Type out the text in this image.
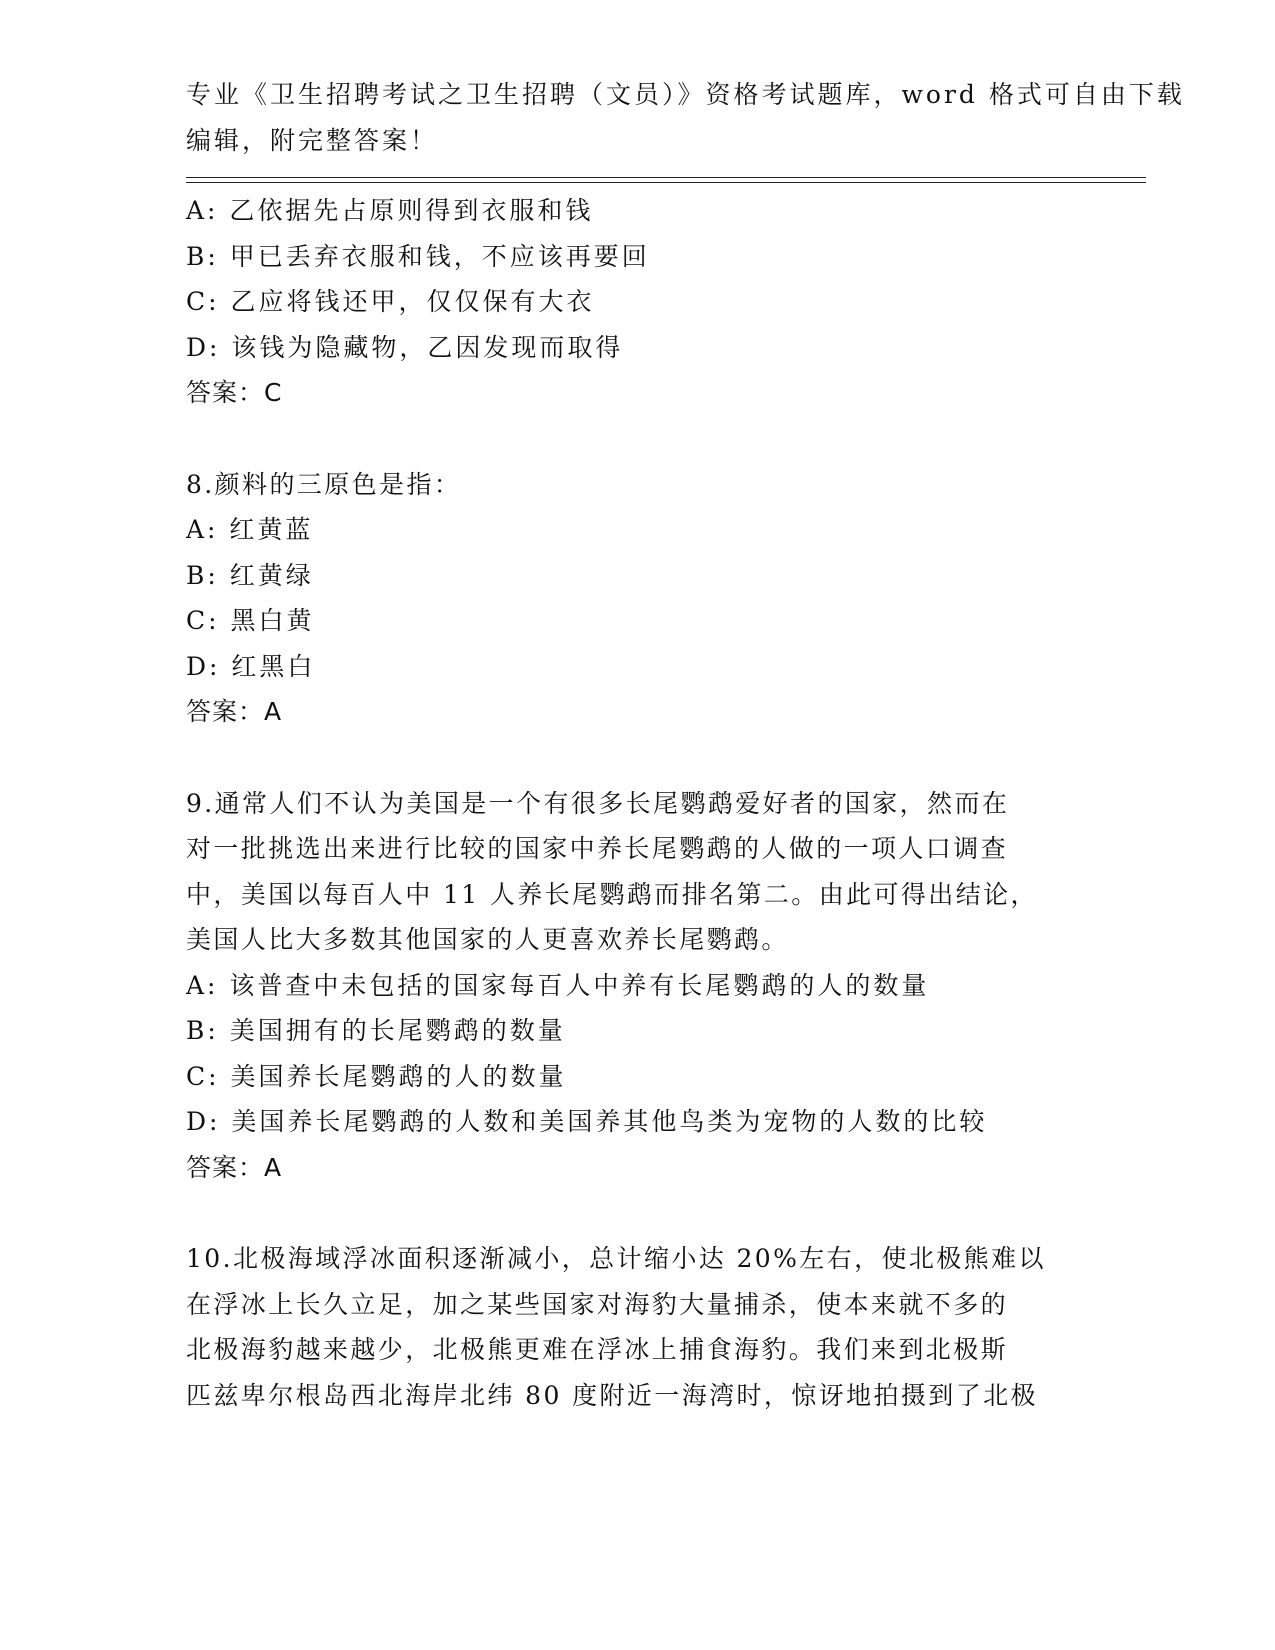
专业《卫生招聘考试之卫生招聘（文员）》资格考试题库，word 格式可自由下载
编辑，附完整答案！
A: 乙依据先占原则得到衣服和钱
B: 甲已丢弃衣服和钱，不应该再要回
C: 乙应将钱还甲，仅仅保有大衣
D: 该钱为隐藏物，乙因发现而取得
答案：C
8.颜料的三原色是指：
A: 红黄蓝
B: 红黄绿
C: 黑白黄
D: 红黑白
答案：A
9.通常人们不认为美国是一个有很多长尾鹦鹉爱好者的国家，然而在
对一批挑选出来进行比较的国家中养长尾鹦鹉的人做的一项人口调查
中，美国以每百人中 11 人养长尾鹦鹉而排名第二。由此可得出结论，
美国人比大多数其他国家的人更喜欢养长尾鹦鹉。
A: 该普查中未包括的国家每百人中养有长尾鹦鹉的人的数量
B: 美国拥有的长尾鹦鹉的数量
C: 美国养长尾鹦鹉的人的数量
D: 美国养长尾鹦鹉的人数和美国养其他鸟类为宠物的人数的比较
答案：A
10.北极海域浮冰面积逐渐减小，总计缩小达 20%左右，使北极熊难以
在浮冰上长久立足，加之某些国家对海豹大量捕杀，使本来就不多的
北极海豹越来越少，北极熊更难在浮冰上捕食海豹。我们来到北极斯
匹兹卑尔根岛西北海岸北纬 80 度附近一海湾时，惊讶地拍摄到了北极
